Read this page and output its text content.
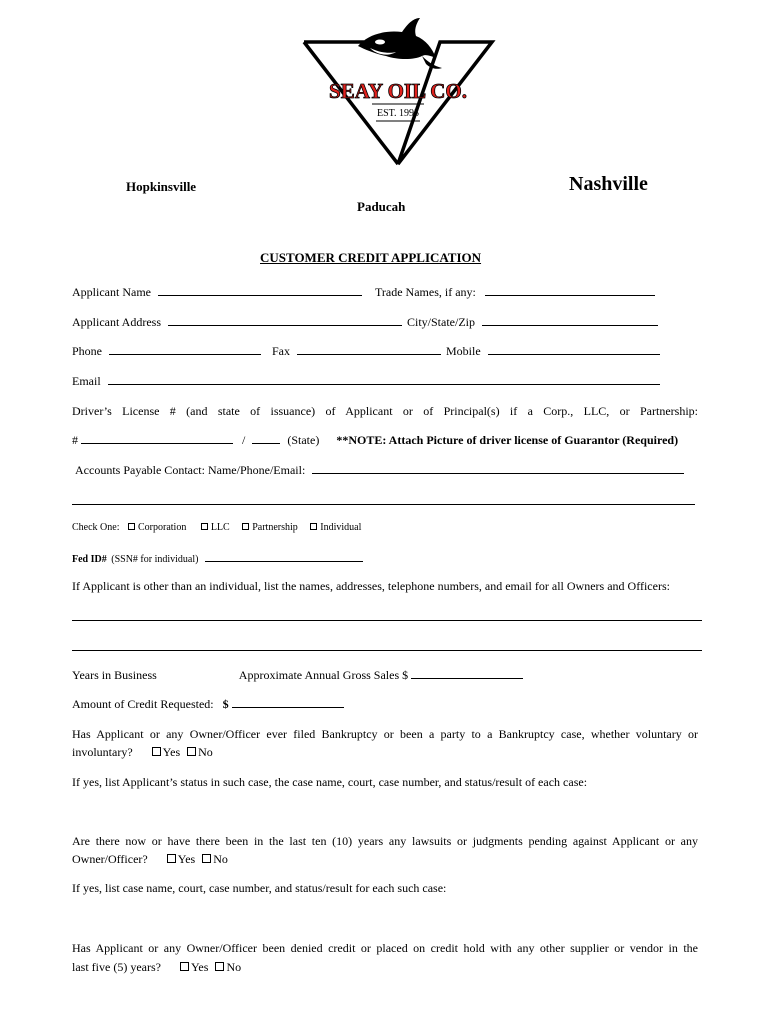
SEAY OIL CO.
EST. 1995
Hopkinsville	Nashville
Paducah
CUSTOMER CREDIT APPLICATION
Applicant Name	Trade Names, if any:
Applicant Address	City/State/Zip
Phone	Fax	Mobile
Email
Driver’s License # (and state of issuance) of Applicant or of Principal(s) if a Corp., LLC, or Partnership:
#	/	(State) **NOTE: Attach Picture of driver license of Guarantor (Required)
Accounts Payable Contact: Name/Phone/Email:
Check One: Corporation LLC Partnership Individual
Fed ID# (SSN# for individual)
If Applicant is other than an individual, list the names, addresses, telephone numbers, and email for all Owners and Officers:
Years in Business	Approximate Annual Gross Sales $
Amount of Credit Requested: $
Has Applicant or any Owner/Officer ever filed Bankruptcy or been a party to a Bankruptcy case, whether voluntary or
involuntary?	Yes No
If yes, list Applicant’s status in such case, the case name, court, case number, and status/result of each case:
Are there now or have there been in the last ten (10) years any lawsuits or judgments pending against Applicant or any
Owner/Officer?	Yes No
If yes, list case name, court, case number, and status/result for each such case:
Has Applicant or any Owner/Officer been denied credit or placed on credit hold with any other supplier or vendor in the
last five (5) years?	Yes No
